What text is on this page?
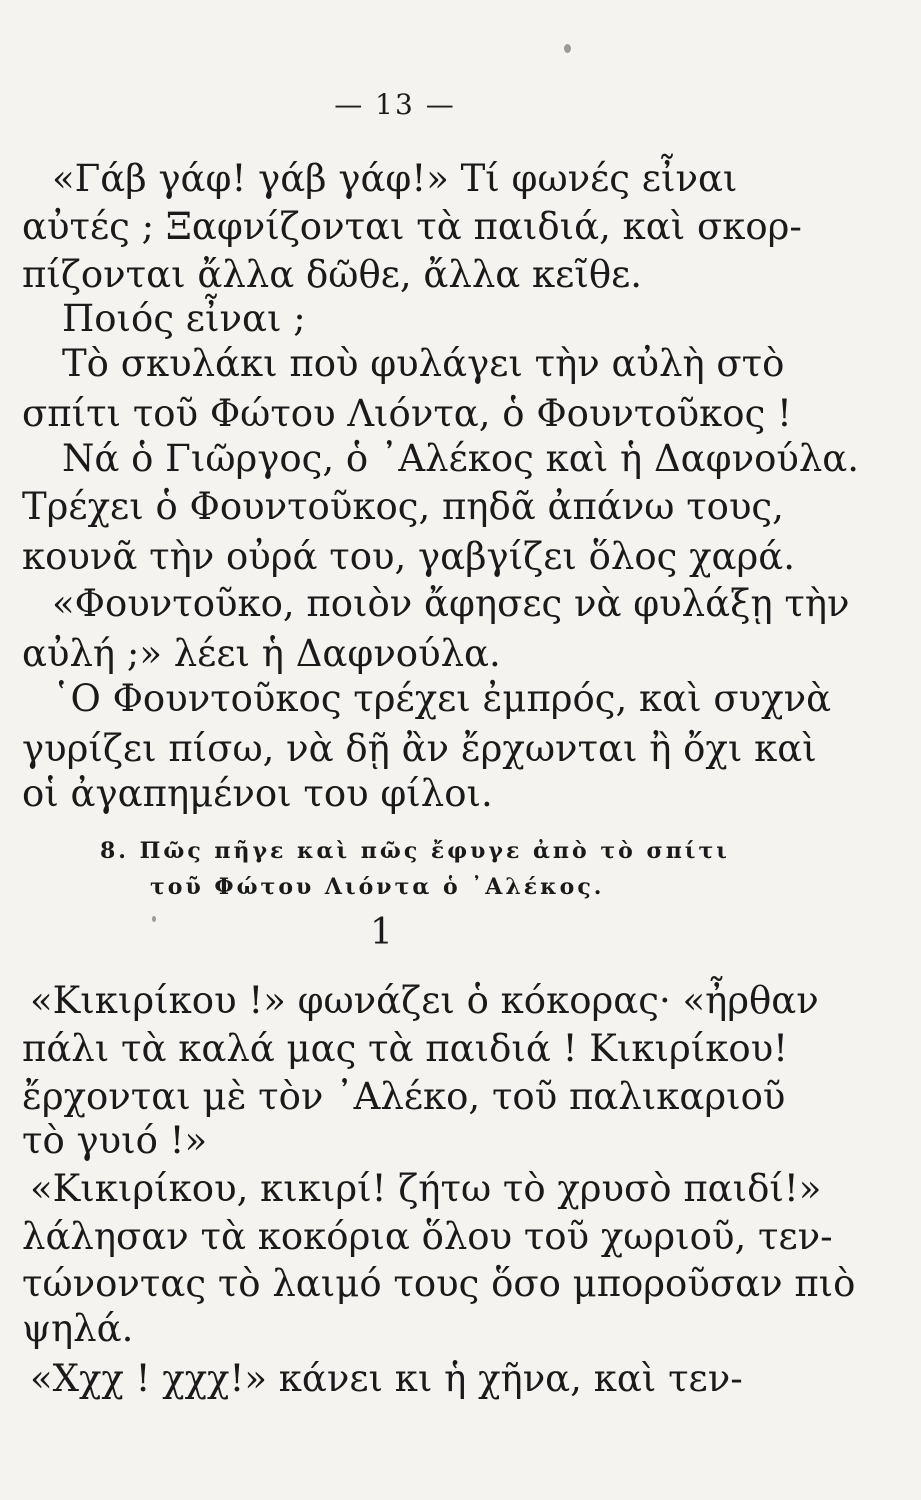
— 13 —
«Γάβ γάφ! γάβ γάφ!» Τί φωνές εἶναι
αὐτές ; Ξαφνίζονται τὰ παιδιά, καὶ σκορ-
πίζονται ἄλλα δῶθε, ἄλλα κεῖθε.
Ποιός εἶναι ;
Τὸ σκυλάκι ποὺ φυλάγει τὴν αὐλὴ στὸ
σπίτι τοῦ Φώτου Λιόντα, ὁ Φουντοῦκος !
Νά ὁ Γιῶργος, ὁ ᾿Αλέκος καὶ ἡ Δαφνούλα.
Τρέχει ὁ Φουντοῦκος, πηδᾶ ἀπάνω τους,
κουνᾶ τὴν οὐρά του, γαβγίζει ὅλος χαρά.
«Φουντοῦκο, ποιὸν ἄφησες νὰ φυλάξῃ τὴν
αὐλή ;» λέει ἡ Δαφνούλα.
῾Ο Φουντοῦκος τρέχει ἐμπρός, καὶ συχνὰ
γυρίζει πίσω, νὰ δῇ ἂν ἔρχωνται ἢ ὄχι καὶ
οἱ ἀγαπημένοι του φίλοι.
8. Πῶς πῆγε καὶ πῶς ἔφυγε ἀπὸ τὸ σπίτι
τοῦ Φώτου Λιόντα ὁ ᾿Αλέκος.
1
«Κικιρίκου !» φωνάζει ὁ κόκορας· «ἦρθαν
πάλι τὰ καλά μας τὰ παιδιά ! Κικιρίκου!
ἔρχονται μὲ τὸν ᾿Αλέκο, τοῦ παλικαριοῦ
τὸ γυιό !»
«Κικιρίκου, κικιρί! ζήτω τὸ χρυσὸ παιδί!»
λάλησαν τὰ κοκόρια ὅλου τοῦ χωριοῦ, τεν-
τώνοντας τὸ λαιμό τους ὅσο μποροῦσαν πιὸ
ψηλά.
«Χχχ ! χχχ!» κάνει κι ἡ χῆνα, καὶ τεν-
